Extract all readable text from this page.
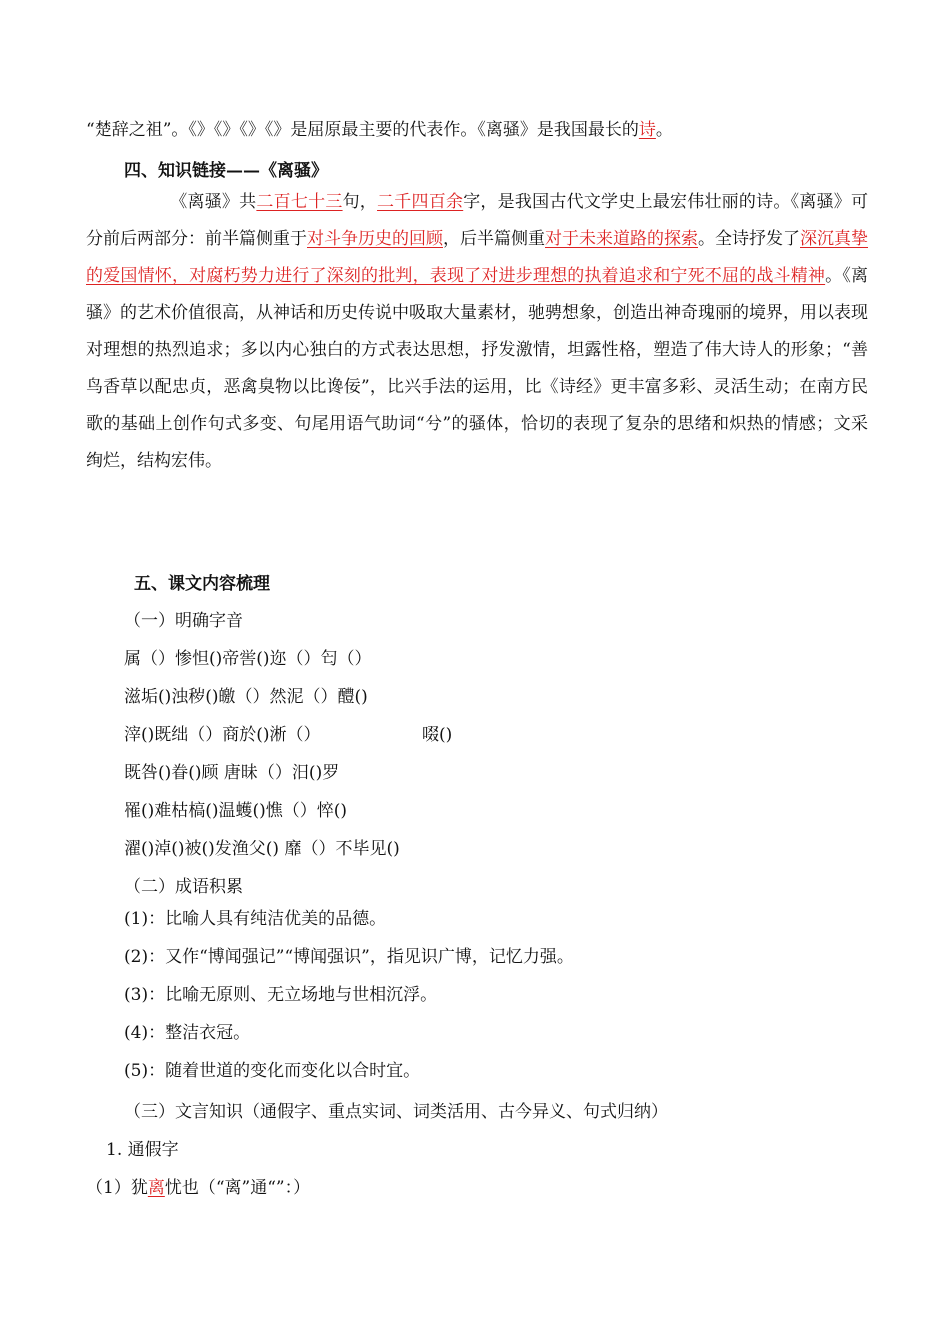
“楚辞之祖”。《》《》《》《》是屈原最主要的代表作。《离骚》是我国最长的诗。
四、知识链接——《离骚》
《离骚》共二百七十三句，二千四百余字，是我国古代文学史上最宏伟壮丽的诗。《离骚》可分前后两部分：前半篇侧重于对斗争历史的回顾，后半篇侧重对于未来道路的探索。全诗抒发了深沉真挚的爱国情怀，对腐朽势力进行了深刻的批判，表现了对进步理想的执着追求和宁死不屈的战斗精神。《离骚》的艺术价值很高，从神话和历史传说中吸取大量素材，驰骋想象，创造出神奇瑰丽的境界，用以表现对理想的热烈追求；多以内心独白的方式表达思想，抒发激情，坦露性格，塑造了伟大诗人的形象；“善鸟香草以配忠贞，恶禽臭物以比谗佞”，比兴手法的运用，比《诗经》更丰富多彩、灵活生动；在南方民歌的基础上创作句式多变、句尾用语气助词“兮”的骚体，恰切的表现了复杂的思绪和炽热的情感；文采绚烂，结构宏伟。
五、课文内容梳理
（一）明确字音
属（）惨怛()帝喾()迩（）匄（）
滋垢()浊秽()皦（）然泥（）醴()
滓()既绌（）商於()淅（）	啜()
既咎()眷()顾 唐昧（）汨()罗
罹()难枯槁()温蠖()憔（）悴()
濯()淖()被()发渔父() 靡（）不毕见()
（二）成语积累
(1)：比喻人具有纯洁优美的品德。
(2)：又作“博闻强记”“博闻强识”，指见识广博，记忆力强。
(3)：比喻无原则、无立场地与世相沉浮。
(4)：整洁衣冠。
(5)：随着世道的变化而变化以合时宜。
（三）文言知识（通假字、重点实词、词类活用、古今异义、句式归纳）
1. 通假字
（1）犹离忧也（“离”通“”：）
